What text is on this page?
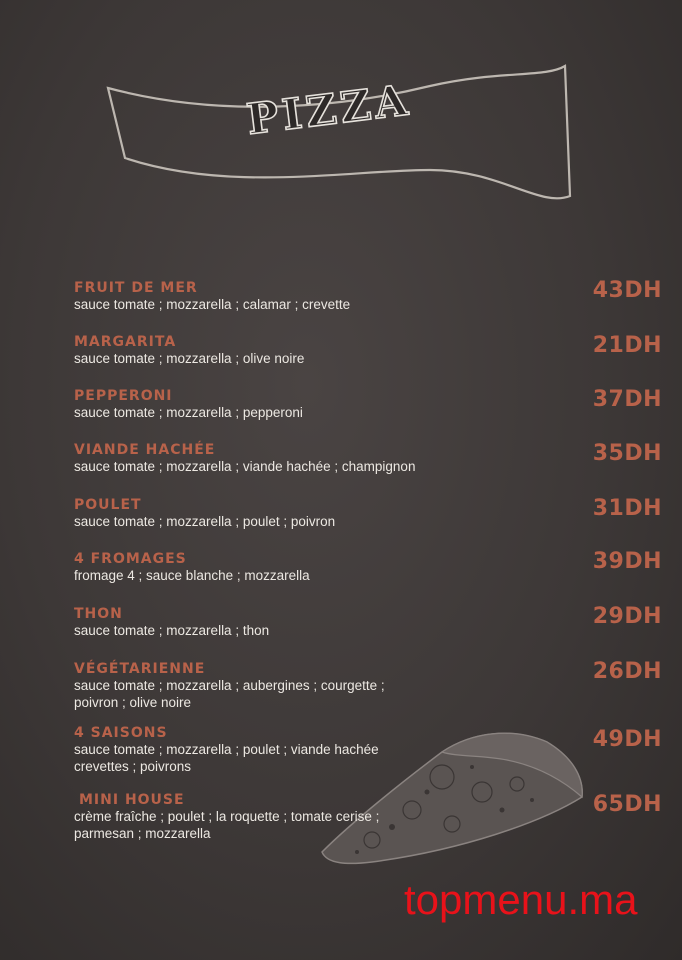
PIZZA
FRUIT DE MER
sauce tomate ; mozzarella ; calamar ; crevette
43DH
MARGARITA
sauce tomate ; mozzarella ; olive noire
21DH
PEPPERONI
sauce tomate ; mozzarella ; pepperoni
37DH
VIANDE HACHÉE
sauce tomate ; mozzarella ; viande hachée ; champignon
35DH
POULET
sauce tomate ; mozzarella ; poulet ; poivron
31DH
4 FROMAGES
fromage 4 ; sauce blanche ; mozzarella
39DH
THON
sauce tomate ; mozzarella ; thon
29DH
VÉGÉTARIENNE
sauce tomate ; mozzarella ; aubergines ; courgette ;
poivron ; olive noire
26DH
4 SAISONS
sauce tomate ; mozzarella ; poulet ; viande hachée
crevettes ; poivrons
49DH
MINI HOUSE
crème fraîche ; poulet ; la roquette ; tomate cerise ;
parmesan ; mozzarella
65DH
topmenu.ma
